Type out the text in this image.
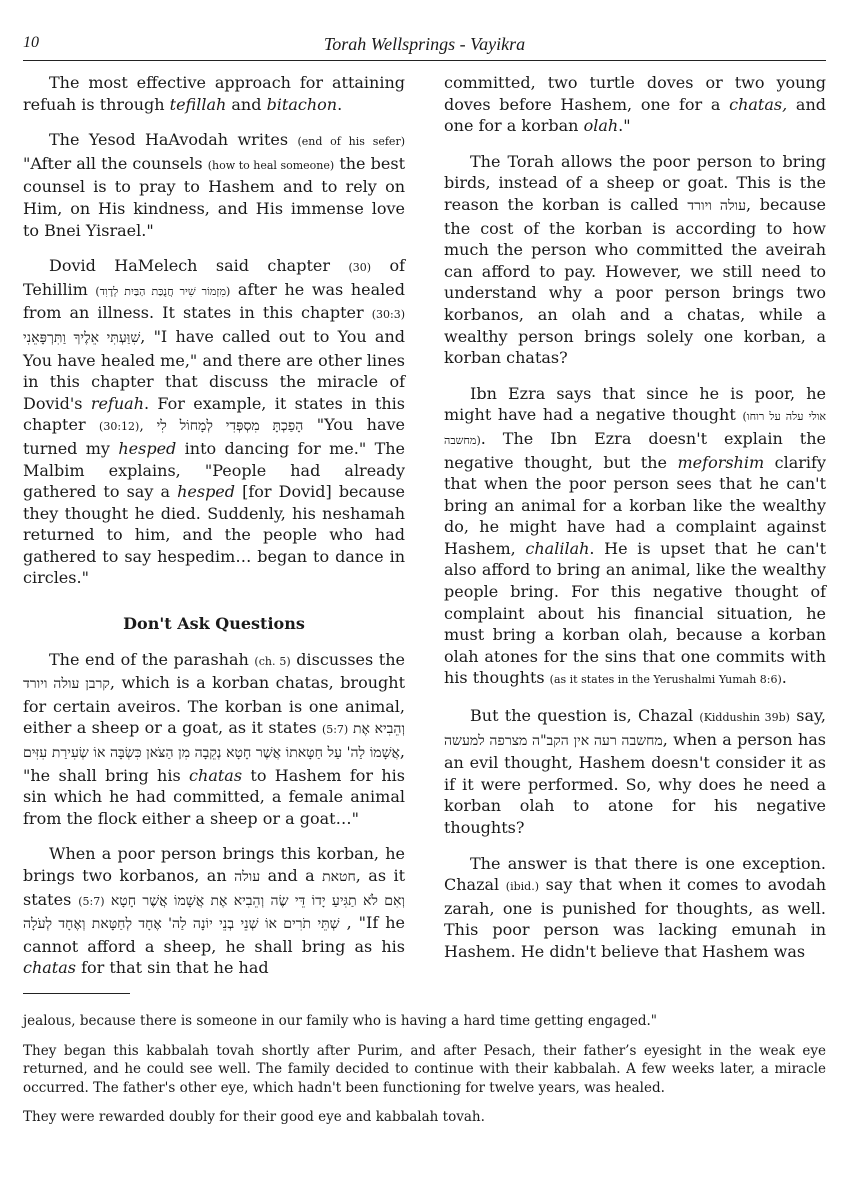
10	Torah Wellsprings - Vayikra

The most effective approach for attaining refuah is through tefillah and bitachon.

The Yesod HaAvodah writes (end of his sefer) "After all the counsels (how to heal someone) the best counsel is to pray to Hashem and to rely on Him, on His kindness, and His immense love to Bnei Yisrael."

Dovid HaMelech said chapter (30) of Tehillim (מִזְמוֹר שִׁיר חֲנֻכַּת הַבַּיִת לְדָוִד) after he was healed from an illness. It states in this chapter (30:3) שִׁוַּעְתִּי אֵלֶיךָ וַתִּרְפָּאֵנִי, "I have called out to You and You have healed me," and there are other lines in this chapter that discuss the miracle of Dovid's refuah. For example, it states in this chapter (30:12), הָפַכְתָּ מִסְפְּדִי לְמָחוֹל לִי "You have turned my hesped into dancing for me." The Malbim explains, "People had already gathered to say a hesped [for Dovid] because they thought he died. Suddenly, his neshamah returned to him, and the people who had gathered to say hespedim… began to dance in circles."

Don't Ask Questions

The end of the parashah (ch. 5) discusses the קרבן עולה ויורד, which is a korban chatas, brought for certain aveiros. The korban is one animal, either a sheep or a goat, as it states (5:7) וְהֵבִיא אֶת אֲשָׁמוֹ לַה' עַל חַטָּאתוֹ אֲשֶׁר חָטָא נְקֵבָה מִן הַצֹּאן כִּשְׂבָּה אוֹ שְׂעִירַת עִזִּים, "he shall bring his chatas to Hashem for his sin which he had committed, a female animal from the flock either a sheep or a goat…"

When a poor person brings this korban, he brings two korbanos, an עולה and a חטאת, as it states (5:7) וְאִם לֹא תַגִּיעַ יָדוֹ דֵּי שֶׂה וְהֵבִיא אֶת אֲשָׁמוֹ אֲשֶׁר חָטָא שְׁתֵּי תֹרִים אוֹ שְׁנֵי בְנֵי יוֹנָה לַה' אֶחָד לְחַטָּאת וְאֶחָד לְעֹלָה , "If he cannot afford a sheep, he shall bring as his chatas for that sin that he had

committed, two turtle doves or two young doves before Hashem, one for a chatas, and one for a korban olah."

The Torah allows the poor person to bring birds, instead of a sheep or goat. This is the reason the korban is called עולה ויורד, because the cost of the korban is according to how much the person who committed the aveirah can afford to pay. However, we still need to understand why a poor person brings two korbanos, an olah and a chatas, while a wealthy person brings solely one korban, a korban chatas?

Ibn Ezra says that since he is poor, he might have had a negative thought (אולי עלה על רוחו מחשבה). The Ibn Ezra doesn't explain the negative thought, but the meforshim clarify that when the poor person sees that he can't bring an animal for a korban like the wealthy do, he might have had a complaint against Hashem, chalilah. He is upset that he can't also afford to bring an animal, like the wealthy people bring. For this negative thought of complaint about his financial situation, he must bring a korban olah, because a korban olah atones for the sins that one commits with his thoughts (as it states in the Yerushalmi Yumah 8:6).

But the question is, Chazal (Kiddushin 39b) say, מחשבה רעה אין הקב"ה מצרפה למעשה, when a person has an evil thought, Hashem doesn't consider it as if it were performed. So, why does he need a korban olah to atone for his negative thoughts?

The answer is that there is one exception. Chazal (ibid.) say that when it comes to avodah zarah, one is punished for thoughts, as well. This poor person was lacking emunah in Hashem. He didn't believe that Hashem was

jealous, because there is someone in our family who is having a hard time getting engaged."

They began this kabbalah tovah shortly after Purim, and after Pesach, their father’s eyesight in the weak eye returned, and he could see well. The family decided to continue with their kabbalah. A few weeks later, a miracle occurred. The father's other eye, which hadn't been functioning for twelve years, was healed.

They were rewarded doubly for their good eye and kabbalah tovah.
